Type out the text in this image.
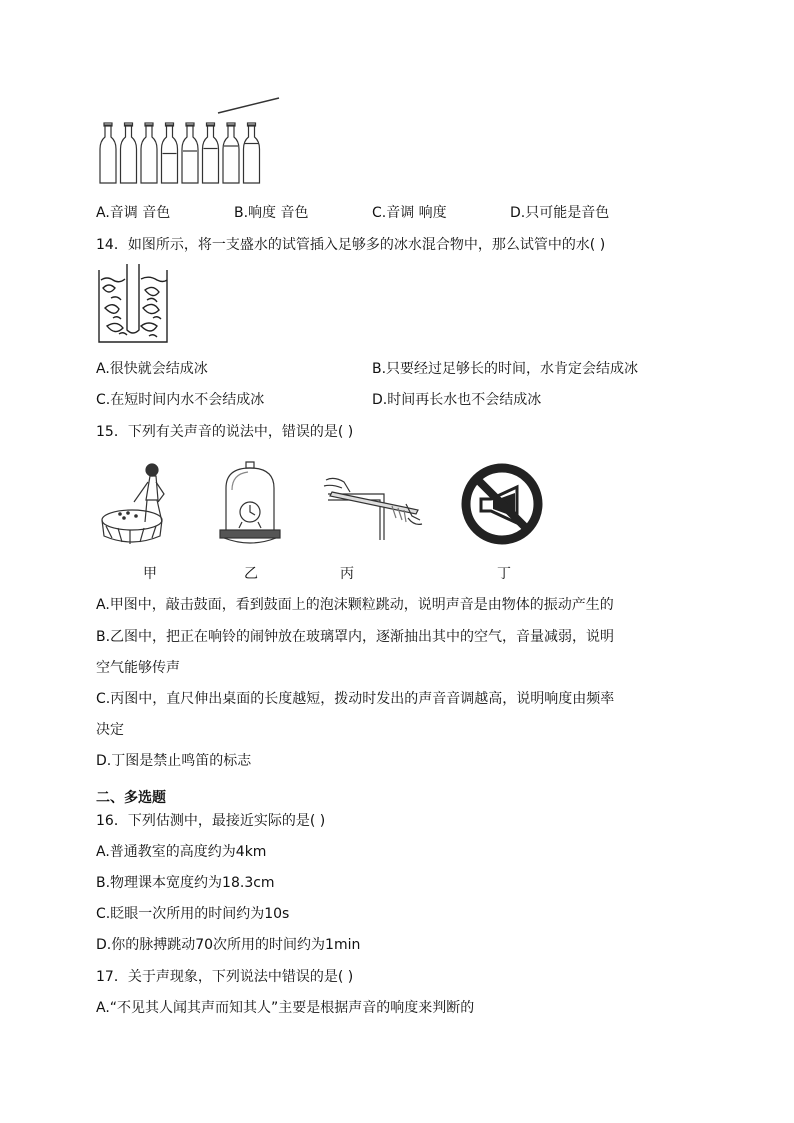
A.音调 音色	B.响度 音色	C.音调 响度	D.只可能是音色
14．如图所示，将一支盛水的试管插入足够多的冰水混合物中，那么试管中的水( )
A.很快就会结成冰	B.只要经过足够长的时间，水肯定会结成冰
C.在短时间内水不会结成冰	D.时间再长水也不会结成冰
15．下列有关声音的说法中，错误的是( )
甲	乙	丙	丁
A.甲图中，敲击鼓面，看到鼓面上的泡沫颗粒跳动，说明声音是由物体的振动产生的
B.乙图中，把正在响铃的闹钟放在玻璃罩内，逐渐抽出其中的空气，音量减弱，说明
空气能够传声
C.丙图中，直尺伸出桌面的长度越短，拨动时发出的声音音调越高，说明响度由频率
决定
D.丁图是禁止鸣笛的标志
二、多选题
16．下列估测中，最接近实际的是( )
A.普通教室的高度约为4km
B.物理课本宽度约为18.3cm
C.眨眼一次所用的时间约为10s
D.你的脉搏跳动70次所用的时间约为1min
17．关于声现象，下列说法中错误的是( )
A.“不见其人闻其声而知其人”主要是根据声音的响度来判断的
